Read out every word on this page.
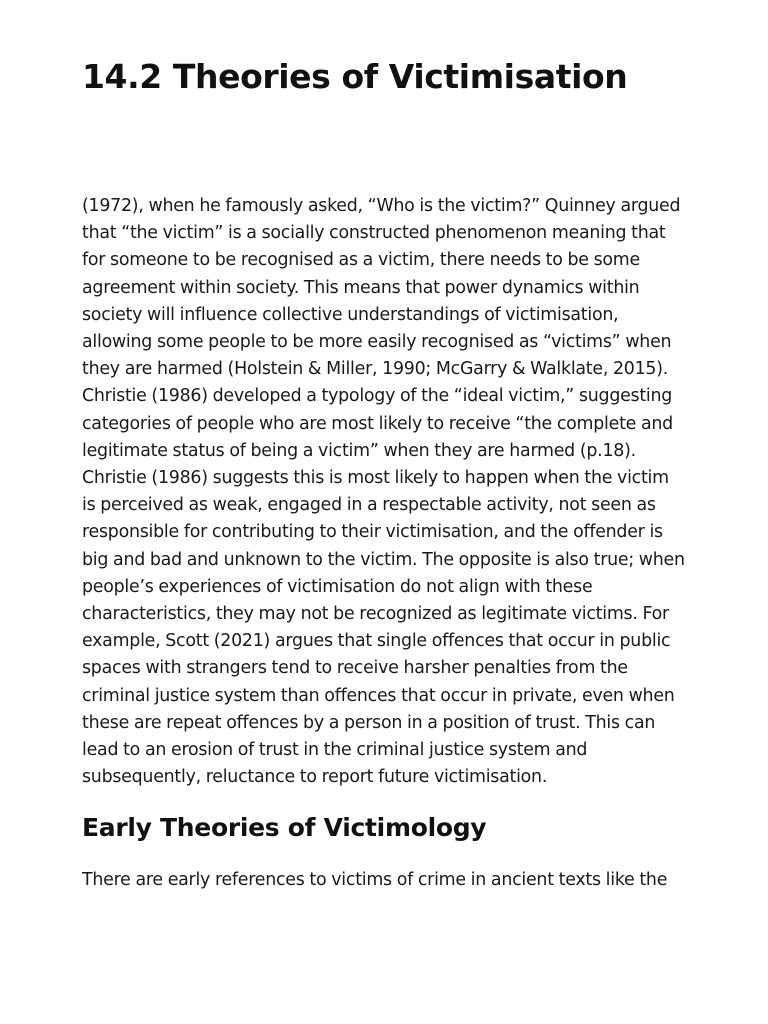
14.2 Theories of Victimisation

(1972), when he famously asked, “Who is the victim?” Quinney argued that “the victim” is a socially constructed phenomenon meaning that for someone to be recognised as a victim, there needs to be some agreement within society. This means that power dynamics within society will influence collective understandings of victimisation, allowing some people to be more easily recognised as “victims” when they are harmed (Holstein & Miller, 1990; McGarry & Walklate, 2015). Christie (1986) developed a typology of the “ideal victim,” suggesting categories of people who are most likely to receive “the complete and legitimate status of being a victim” when they are harmed (p.18). Christie (1986) suggests this is most likely to happen when the victim is perceived as weak, engaged in a respectable activity, not seen as responsible for contributing to their victimisation, and the offender is big and bad and unknown to the victim. The opposite is also true; when people’s experiences of victimisation do not align with these characteristics, they may not be recognized as legitimate victims. For example, Scott (2021) argues that single offences that occur in public spaces with strangers tend to receive harsher penalties from the criminal justice system than offences that occur in private, even when these are repeat offences by a person in a position of trust. This can lead to an erosion of trust in the criminal justice system and subsequently, reluctance to report future victimisation.

Early Theories of Victimology

There are early references to victims of crime in ancient texts like the
